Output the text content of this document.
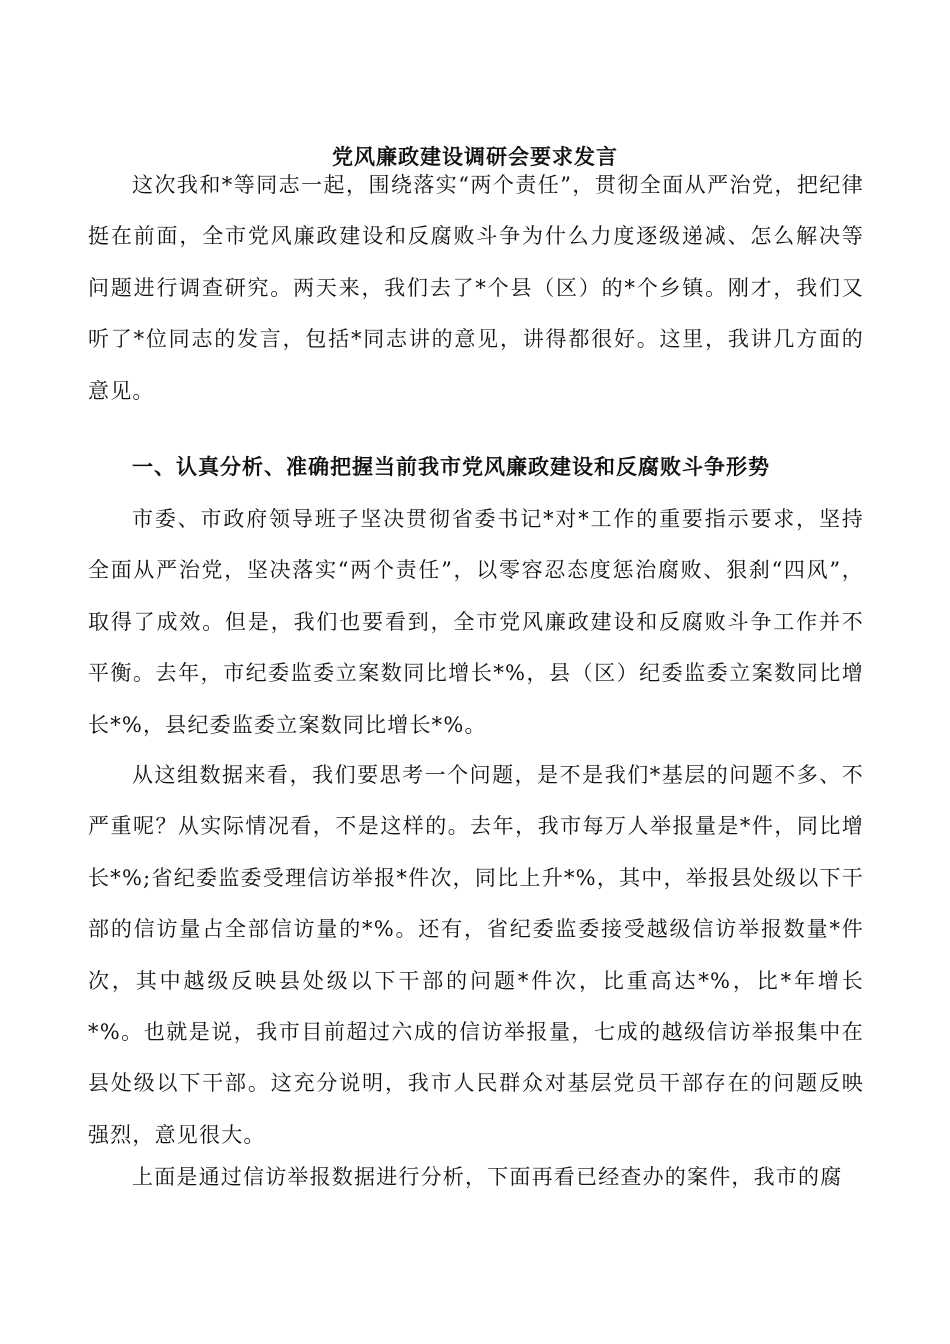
党风廉政建设调研会要求发言
这次我和*等同志一起，围绕落实“两个责任”，贯彻全面从严治党，把纪律挺在前面，全市党风廉政建设和反腐败斗争为什么力度逐级递减、怎么解决等问题进行调查研究。两天来，我们去了*个县（区）的*个乡镇。刚才，我们又听了*位同志的发言，包括*同志讲的意见，讲得都很好。这里，我讲几方面的意见。
一、认真分析、准确把握当前我市党风廉政建设和反腐败斗争形势
市委、市政府领导班子坚决贯彻省委书记*对*工作的重要指示要求，坚持全面从严治党，坚决落实“两个责任”，以零容忍态度惩治腐败、狠刹“四风”，取得了成效。但是，我们也要看到，全市党风廉政建设和反腐败斗争工作并不平衡。去年，市纪委监委立案数同比增长*%，县（区）纪委监委立案数同比增长*%，县纪委监委立案数同比增长*%。
从这组数据来看，我们要思考一个问题，是不是我们*基层的问题不多、不严重呢？从实际情况看，不是这样的。去年，我市每万人举报量是*件，同比增长*%;省纪委监委受理信访举报*件次，同比上升*%，其中，举报县处级以下干部的信访量占全部信访量的*%。还有，省纪委监委接受越级信访举报数量*件次，其中越级反映县处级以下干部的问题*件次，比重高达*%，比*年增长*%。也就是说，我市目前超过六成的信访举报量，七成的越级信访举报集中在县处级以下干部。这充分说明，我市人民群众对基层党员干部存在的问题反映强烈，意见很大。
上面是通过信访举报数据进行分析，下面再看已经查办的案件，我市的腐
